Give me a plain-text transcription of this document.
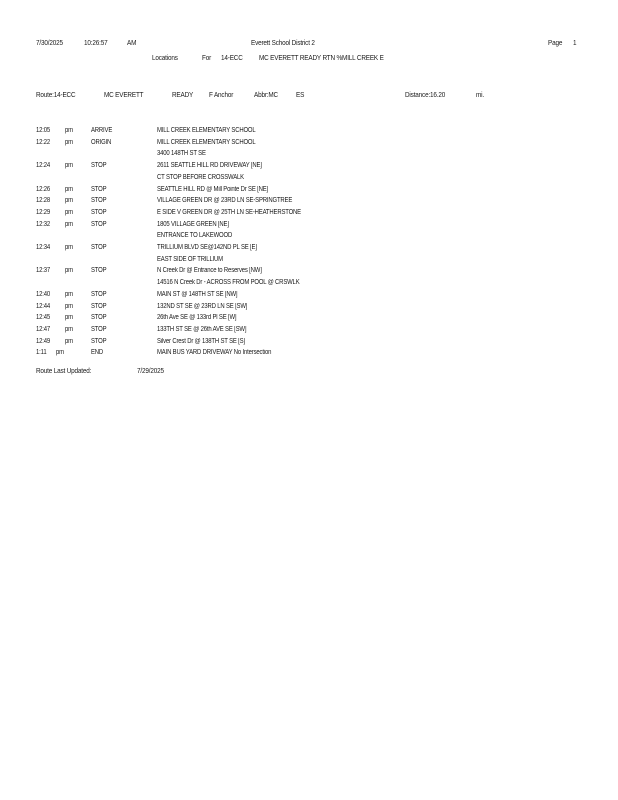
7/30/2025	10:26:57	AM	Everett School District 2	Page 1
Locations	For 14-ECC MC EVERETT READY RTN %MILL CREEK E
Route:14-ECC	MC EVERETT	READY F Anchor	Abbr:MC ES	Distance:16.20	mi.
12:05 pm	ARRIVE	MILL CREEK ELEMENTARY SCHOOL
12:22 pm	ORIGIN	MILL CREEK ELEMENTARY SCHOOL
3400 148TH ST SE
12:24 pm	STOP	2611 SEATTLE HILL RD DRIVEWAY [NE]
CT STOP BEFORE CROSSWALK
12:26 pm	STOP	SEATTLE HILL RD @ Mill Pointe Dr SE [NE]
12:28 pm	STOP	VILLAGE GREEN DR @ 23RD LN SE-SPRINGTREE
12:29 pm	STOP	E SIDE V GREEN DR @ 25TH LN SE-HEATHERSTONE
12:32 pm	STOP	1805 VILLAGE GREEN [NE]
ENTRANCE TO LAKEWOOD
12:34 pm	STOP	TRILLIUM BLVD SE@142ND PL SE [E]
EAST SIDE OF TRILLIUM
12:37 pm	STOP	N Creek Dr @ Entrance to Reserves [NW]
14516 N Creek Dr - ACROSS FROM POOL @ CRSWLK
12:40 pm	STOP	MAIN ST @ 148TH ST SE [NW]
12:44 pm	STOP	132ND ST SE @ 23RD LN SE [SW]
12:45 pm	STOP	26th Ave SE @ 133rd Pl SE [W]
12:47 pm	STOP	133TH ST SE @ 26th AVE SE [SW]
12:49 pm	STOP	Silver Crest Dr @ 138TH ST SE [S]
1:11 pm	END	MAIN BUS YARD DRIVEWAY No Intersection
Route Last Updated:	7/29/2025
